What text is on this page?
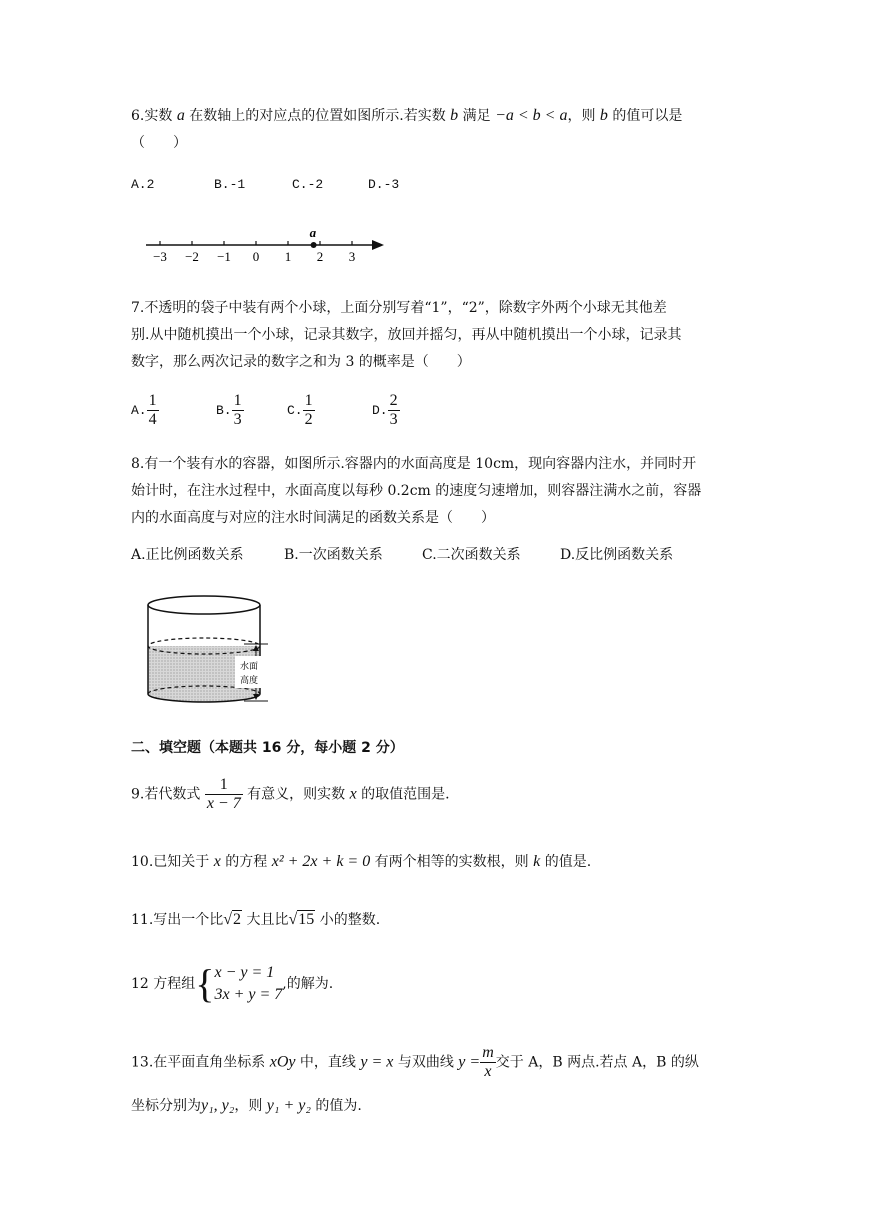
6.实数 a 在数轴上的对应点的位置如图所示.若实数 b 满足 −a < b < a，则 b 的值可以是
（　　）
A.2	B.-1	C.-2	D.-3
−3 −2 −1 0 1 2 3
a
7.不透明的袋子中装有两个小球，上面分别写着“1”，“2”，除数字外两个小球无其他差
别.从中随机摸出一个小球，记录其数字，放回并摇匀，再从中随机摸出一个小球，记录其
数字，那么两次记录的数字之和为 3 的概率是（　　）
A. $\frac{1}{4}$	B. $\frac{1}{3}$	C. $\frac{1}{2}$	D. $\frac{2}{3}$
8.有一个装有水的容器，如图所示.容器内的水面高度是 10cm，现向容器内注水，并同时开
始计时，在注水过程中，水面高度以每秒 0.2cm 的速度匀速增加，则容器注满水之前，容器
内的水面高度与对应的注水时间满足的函数关系是（　　）
A.正比例函数关系	B.一次函数关系	C.二次函数关系	D.反比例函数关系
水面
高度
二、填空题（本题共 16 分，每小题 2 分）
9.若代数式 $\frac{1}{x - 7}$ 有意义，则实数 x 的取值范围是.
10.已知关于 x 的方程 x² + 2x + k = 0 有两个相等的实数根，则 k 的值是.
11.写出一个比√2 大且比√15 小的整数.
12 方程组{ x − y = 1
3x + y = 7
,的解为.
13.在平面直角坐标系 xOy 中，直线 y = x 与双曲线 $y = \frac{m}{x}$ 交于 A，B 两点.若点 A，B 的纵
坐标分别为y₁, y₂，则 y₁ + y₂ 的值为.
